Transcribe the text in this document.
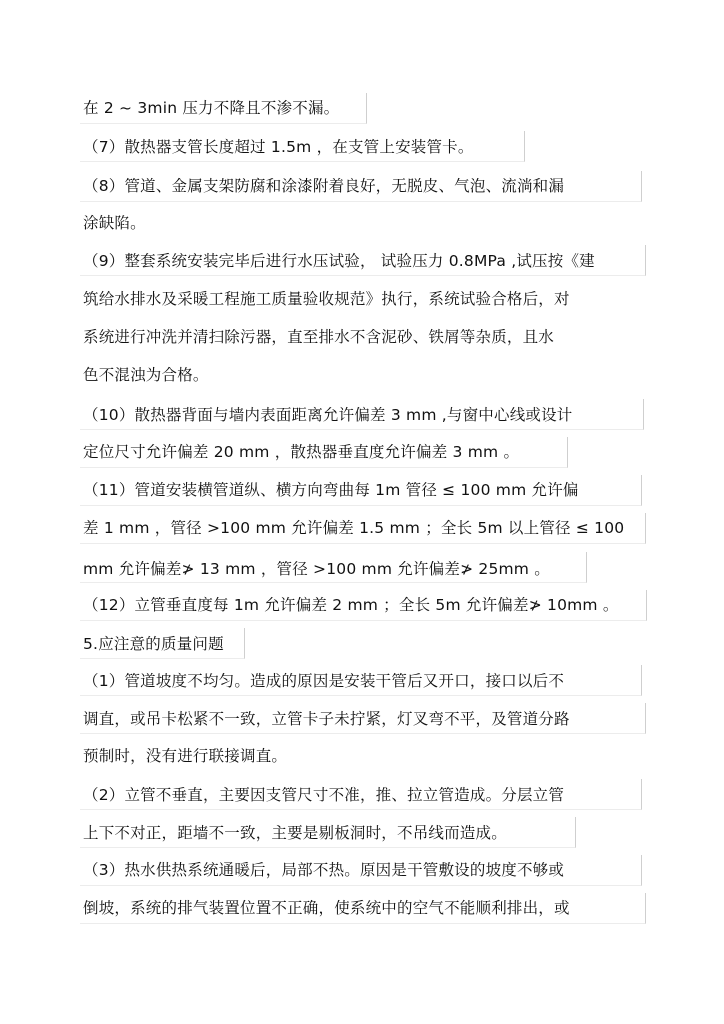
在 2 ~ 3min 压力不降且不渗不漏。
（7）散热器支管长度超过 1.5m ，在支管上安装管卡。
（8）管道、金属支架防腐和涂漆附着良好，无脱皮、气泡、流淌和漏
涂缺陷。
（9）整套系统安装完毕后进行水压试验， 试验压力 0.8MPa ,试压按《建
筑给水排水及采暖工程施工质量验收规范》执行，系统试验合格后，对
系统进行冲洗并清扫除污器，直至排水不含泥砂、铁屑等杂质，且水
色不混浊为合格。
（10）散热器背面与墙内表面距离允许偏差 3 mm ,与窗中心线或设计
定位尺寸允许偏差 20 mm ，散热器垂直度允许偏差 3 mm 。
（11）管道安装横管道纵、横方向弯曲每 1m 管径 ≤ 100 mm 允许偏
差 1 mm ，管径 >100 mm 允许偏差 1.5 mm ；全长 5m 以上管径 ≤ 100
mm 允许偏差≯ 13 mm ，管径 >100 mm 允许偏差≯ 25mm 。
（12）立管垂直度每 1m 允许偏差 2 mm ；全长 5m 允许偏差≯ 10mm 。
5.应注意的质量问题
（1）管道坡度不均匀。造成的原因是安装干管后又开口，接口以后不
调直，或吊卡松紧不一致，立管卡子未拧紧，灯叉弯不平，及管道分路
预制时，没有进行联接调直。
（2）立管不垂直，主要因支管尺寸不准，推、拉立管造成。分层立管
上下不对正，距墙不一致，主要是剔板洞时，不吊线而造成。
（3）热水供热系统通暖后，局部不热。原因是干管敷设的坡度不够或
倒坡，系统的排气装置位置不正确，使系统中的空气不能顺利排出，或
